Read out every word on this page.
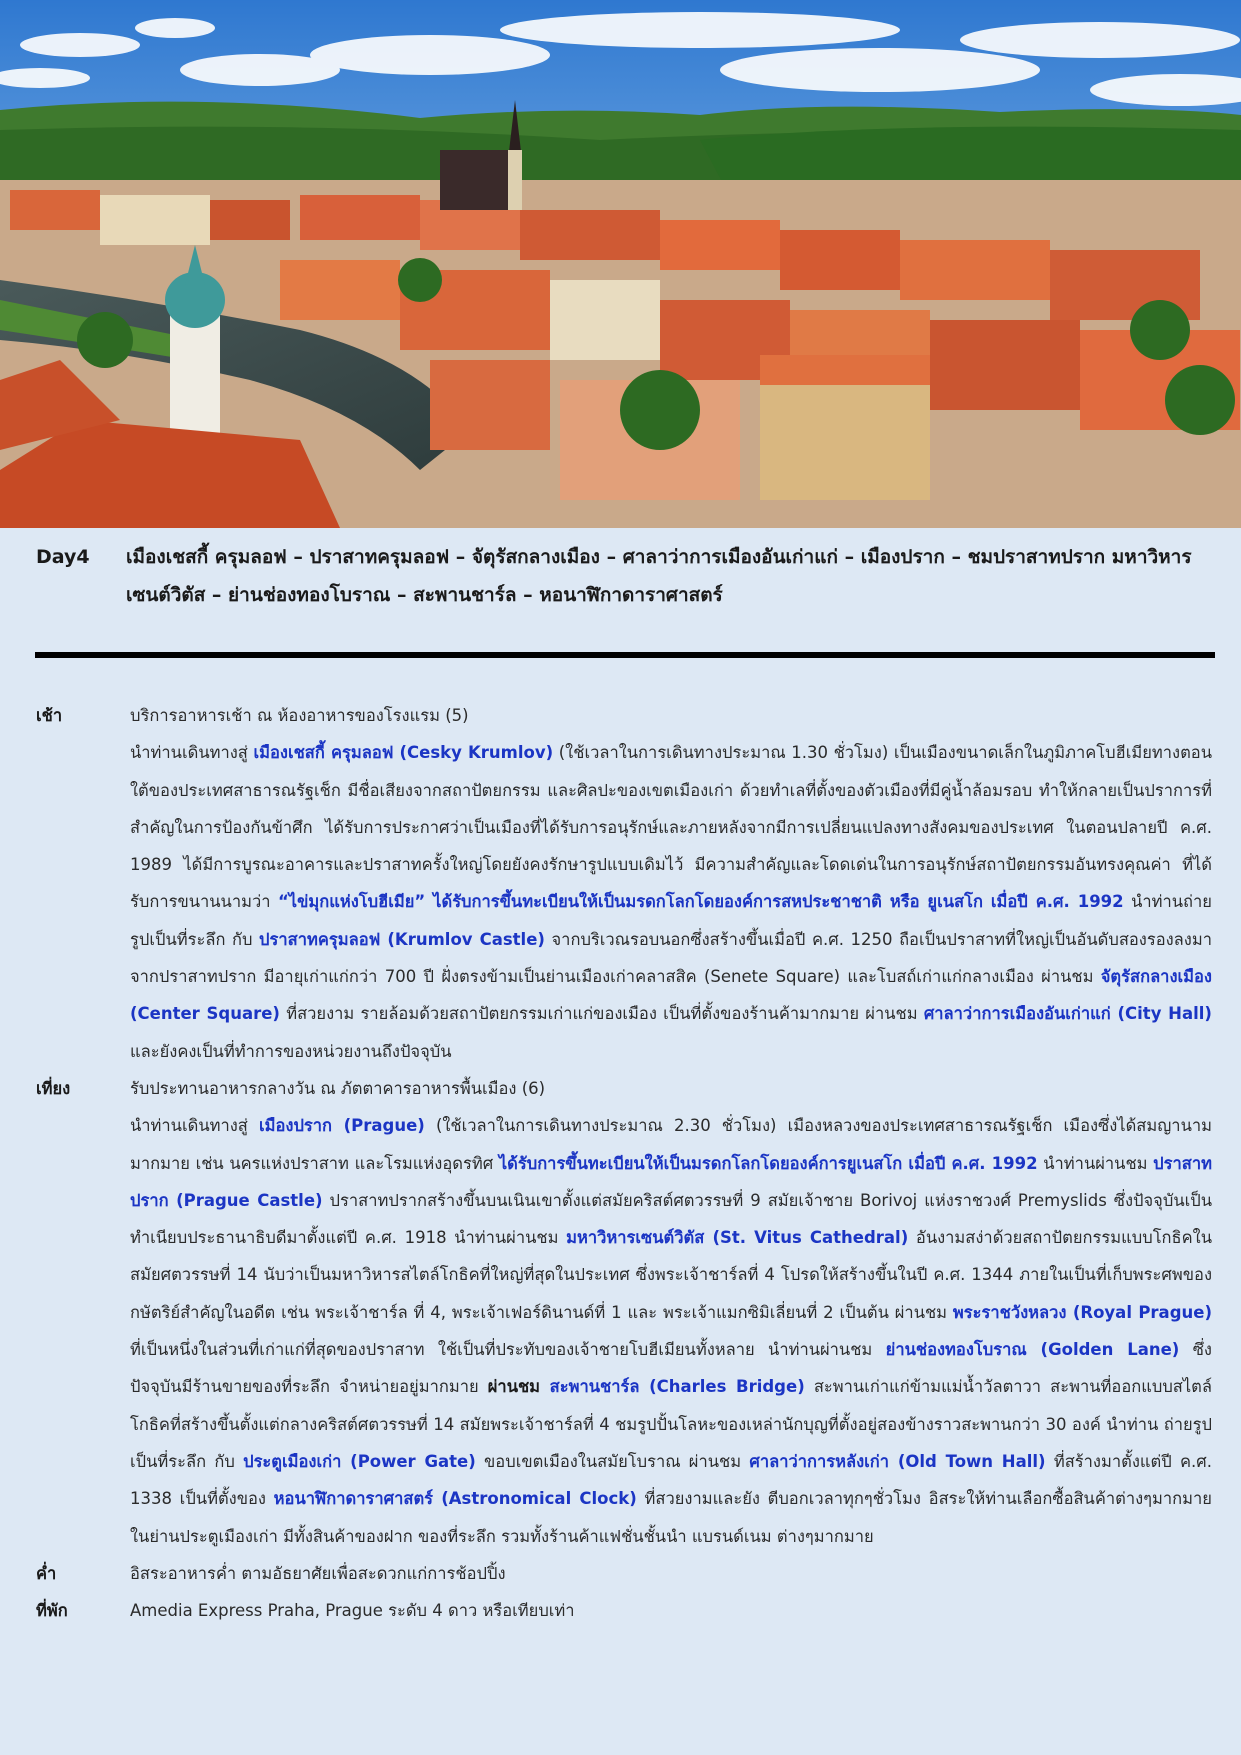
Day4	เมืองเชสกี้ ครุมลอฟ – ปราสาทครุมลอฟ – จัตุรัสกลางเมือง – ศาลาว่าการเมืองอันเก่าแก่ – เมืองปราก – ชมปราสาทปราก มหาวิหารเซนต์วิตัส – ย่านช่องทองโบราณ – สะพานชาร์ล – หอนาฬิกาดาราศาสตร์
เช้า	บริการอาหารเช้า ณ ห้องอาหารของโรงแรม (5)
นำท่านเดินทางสู่ เมืองเชสกี้ ครุมลอฟ (Cesky Krumlov) (ใช้เวลาในการเดินทางประมาณ 1.30 ชั่วโมง) เป็นเมืองขนาดเล็กในภูมิภาคโบฮีเมียทางตอนใต้ของประเทศสาธารณรัฐเช็ก มีชื่อเสียงจากสถาปัตยกรรม และศิลปะของเขตเมืองเก่า ด้วยทำเลที่ตั้งของตัวเมืองที่มีคู่น้ำล้อมรอบ ทำให้กลายเป็นปราการที่สำคัญในการป้องกันข้าศึก ได้รับการประกาศว่าเป็นเมืองที่ได้รับการอนุรักษ์และภายหลังจากมีการเปลี่ยนแปลงทางสังคมของประเทศ ในตอนปลายปี ค.ศ. 1989 ได้มีการบูรณะอาคารและปราสาทครั้งใหญ่โดยยังคงรักษารูปแบบเดิมไว้ มีความสำคัญและโดดเด่นในการอนุรักษ์สถาปัตยกรรมอันทรงคุณค่า ที่ได้รับการขนานนามว่า “ไข่มุกแห่งโบฮีเมีย” ได้รับการขึ้นทะเบียนให้เป็นมรดกโลกโดยองค์การสหประชาชาติ หรือ ยูเนสโก เมื่อปี ค.ศ. 1992 นำท่านถ่ายรูปเป็นที่ระลึก กับ ปราสาทครุมลอฟ (Krumlov Castle) จากบริเวณรอบนอกซึ่งสร้างขึ้นเมื่อปี ค.ศ. 1250 ถือเป็นปราสาทที่ใหญ่เป็นอันดับสองรองลงมาจากปราสาทปราก มีอายุเก่าแก่กว่า 700 ปี ฝั่งตรงข้ามเป็นย่านเมืองเก่าคลาสสิค (Senete Square) และโบสถ์เก่าแก่กลางเมือง ผ่านชม จัตุรัสกลางเมือง (Center Square) ที่สวยงาม รายล้อมด้วยสถาปัตยกรรมเก่าแก่ของเมือง เป็นที่ตั้งของร้านค้ามากมาย ผ่านชม ศาลาว่าการเมืองอันเก่าแก่ (City Hall) และยังคงเป็นที่ทำการของหน่วยงานถึงปัจจุบัน
เที่ยง	รับประทานอาหารกลางวัน ณ ภัตตาคารอาหารพื้นเมือง (6)
นำท่านเดินทางสู่ เมืองปราก (Prague) (ใช้เวลาในการเดินทางประมาณ 2.30 ชั่วโมง) เมืองหลวงของประเทศสาธารณรัฐเช็ก เมืองซึ่งได้สมญานามมากมาย เช่น นครแห่งปราสาท และโรมแห่งอุดรทิศ ได้รับการขึ้นทะเบียนให้เป็นมรดกโลกโดยองค์การยูเนสโก เมื่อปี ค.ศ. 1992 นำท่านผ่านชม ปราสาทปราก (Prague Castle) ปราสาทปรากสร้างขึ้นบนเนินเขาตั้งแต่สมัยคริสต์ศตวรรษที่ 9 สมัยเจ้าชาย Borivoj แห่งราชวงศ์ Premyslids ซึ่งปัจจุบันเป็นทำเนียบประธานาธิบดีมาตั้งแต่ปี ค.ศ. 1918 นำท่านผ่านชม มหาวิหารเซนต์วิตัส (St. Vitus Cathedral) อันงามสง่าด้วยสถาปัตยกรรมแบบโกธิคในสมัยศตวรรษที่ 14 นับว่าเป็นมหาวิหารสไตล์โกธิคที่ใหญ่ที่สุดในประเทศ ซึ่งพระเจ้าชาร์ลที่ 4 โปรดให้สร้างขึ้นในปี ค.ศ. 1344 ภายในเป็นที่เก็บพระศพของกษัตริย์สำคัญในอดีต เช่น พระเจ้าชาร์ล ที่ 4, พระเจ้าเฟอร์ดินานด์ที่ 1 และ พระเจ้าแมกซิมิเลี่ยนที่ 2 เป็นต้น ผ่านชม พระราชวังหลวง (Royal Prague) ที่เป็นหนึ่งในส่วนที่เก่าแก่ที่สุดของปราสาท ใช้เป็นที่ประทับของเจ้าชายโบฮีเมียนทั้งหลาย นำท่านผ่านชม ย่านช่องทองโบราณ (Golden Lane) ซึ่งปัจจุบันมีร้านขายของที่ระลึก จำหน่ายอยู่มากมาย ผ่านชม สะพานชาร์ล (Charles Bridge) สะพานเก่าแก่ข้ามแม่น้ำวัลตาวา สะพานที่ออกแบบสไตล์โกธิคที่สร้างขึ้นตั้งแต่กลางคริสต์ศตวรรษที่ 14 สมัยพระเจ้าชาร์ลที่ 4 ชมรูปปั้นโลหะของเหล่านักบุญที่ตั้งอยู่สองข้างราวสะพานกว่า 30 องค์ นำท่าน ถ่ายรูปเป็นที่ระลึก กับ ประตูเมืองเก่า (Power Gate) ขอบเขตเมืองในสมัยโบราณ ผ่านชม ศาลาว่าการหลังเก่า (Old Town Hall) ที่สร้างมาตั้งแต่ปี ค.ศ. 1338 เป็นที่ตั้งของ หอนาฬิกาดาราศาสตร์ (Astronomical Clock) ที่สวยงามและยัง ตีบอกเวลาทุกๆชั่วโมง อิสระให้ท่านเลือกซื้อสินค้าต่างๆมากมายในย่านประตูเมืองเก่า มีทั้งสินค้าของฝาก ของที่ระลึก รวมทั้งร้านค้าแฟชั่นชั้นนำ แบรนด์เนม ต่างๆมากมาย
ค่ำ	อิสระอาหารค่ำ ตามอัธยาศัยเพื่อสะดวกแก่การช้อปปิ้ง
ที่พัก	Amedia Express Praha, Prague ระดับ 4 ดาว หรือเทียบเท่า
